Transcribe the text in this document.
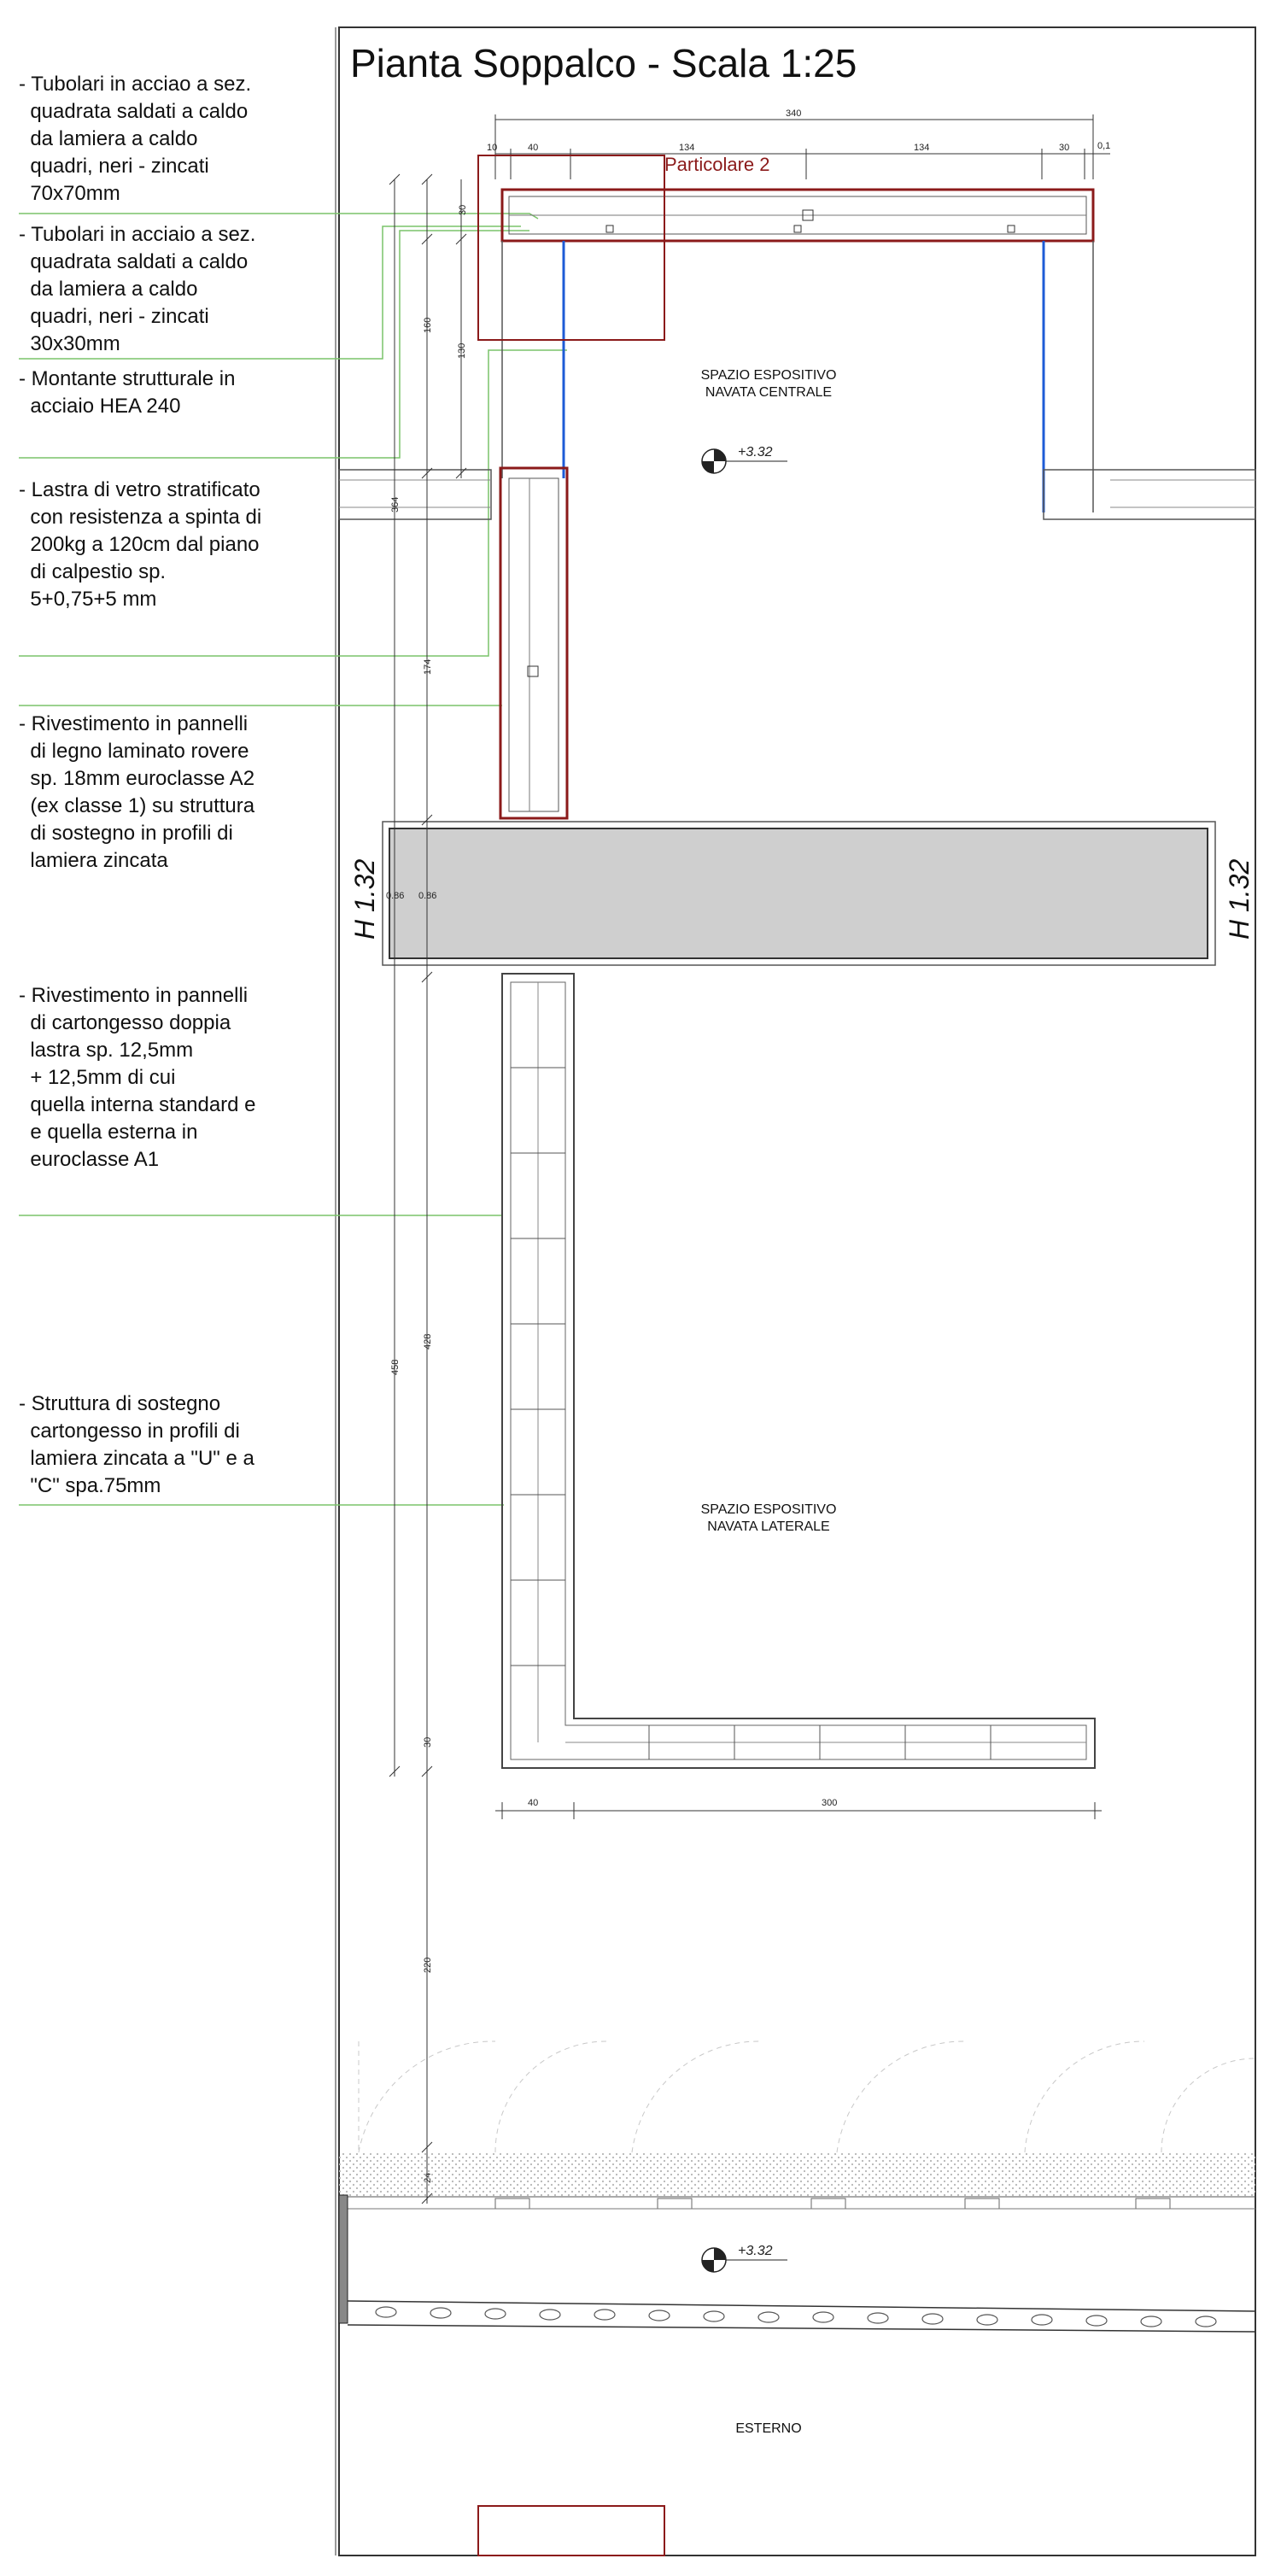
- Tubolari in acciao a sez.
quadrata saldati a caldo
da lamiera a caldo
quadri, neri - zincati
70x70mm
- Tubolari in acciaio a sez.
quadrata saldati a caldo
da lamiera a caldo
quadri, neri - zincati
30x30mm
- Montante strutturale in
acciaio HEA 240
- Lastra di vetro stratificato
con resistenza a spinta di
200kg a 120cm dal piano
di calpestio sp.
5+0,75+5 mm
- Rivestimento in pannelli
di legno laminato rovere
sp. 18mm euroclasse A2
(ex classe 1) su struttura
di sostegno in profili di
lamiera zincata
- Rivestimento in pannelli
di cartongesso doppia
lastra sp. 12,5mm
+ 12,5mm di cui
quella interna standard e
e quella esterna in
euroclasse A1
- Struttura di sostegno
cartongesso in profili di
lamiera zincata a "U" e a
"C" spa.75mm
Pianta Soppalco - Scala 1:25
10	40	134	134	30	0,1
340
Particolare 2
+3.32
SPAZIO ESPOSITIVO
NAVATA CENTRALE
0.86 0.86
H 1.32	H 1.32
SPAZIO ESPOSITIVO
NAVATA LATERALE
40	300
30
160
130
364
174
458
428
30
220
+3.32
ESTERNO
